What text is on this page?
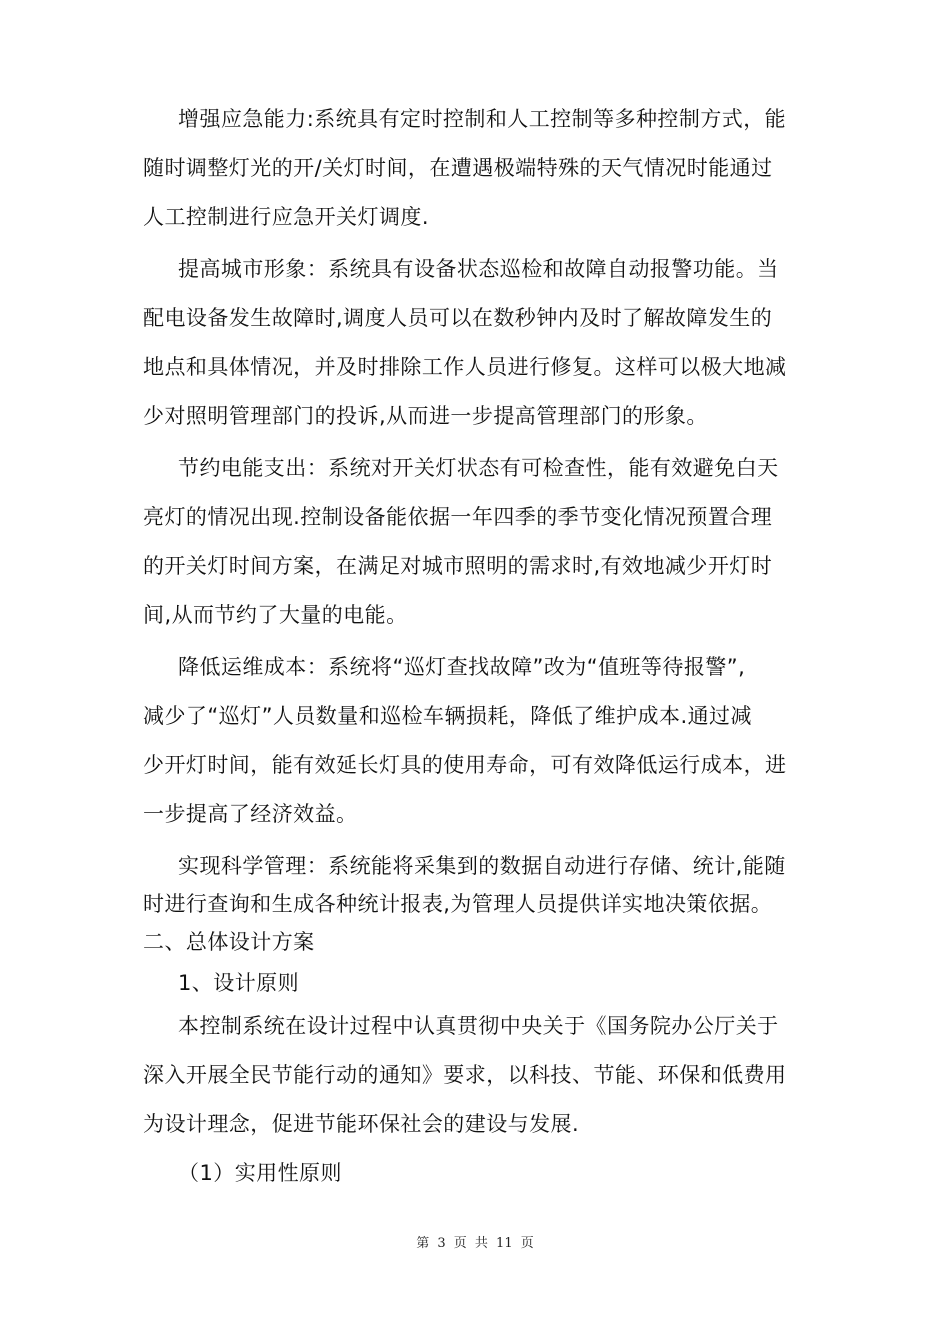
增强应急能力:系统具有定时控制和人工控制等多种控制方式，能
随时调整灯光的开/关灯时间，在遭遇极端特殊的天气情况时能通过
人工控制进行应急开关灯调度.
提高城市形象：系统具有设备状态巡检和故障自动报警功能。当
配电设备发生故障时,调度人员可以在数秒钟内及时了解故障发生的
地点和具体情况，并及时排除工作人员进行修复。这样可以极大地减
少对照明管理部门的投诉,从而进一步提高管理部门的形象。
节约电能支出：系统对开关灯状态有可检查性，能有效避免白天
亮灯的情况出现.控制设备能依据一年四季的季节变化情况预置合理
的开关灯时间方案，在满足对城市照明的需求时,有效地减少开灯时
间,从而节约了大量的电能。
降低运维成本：系统将“巡灯查找故障”改为“值班等待报警”,
减少了“巡灯”人员数量和巡检车辆损耗，降低了维护成本.通过减
少开灯时间，能有效延长灯具的使用寿命，可有效降低运行成本，进
一步提高了经济效益。
实现科学管理：系统能将采集到的数据自动进行存储、统计,能随
时进行查询和生成各种统计报表,为管理人员提供详实地决策依据。
二、总体设计方案
1、设计原则
本控制系统在设计过程中认真贯彻中央关于《国务院办公厅关于
深入开展全民节能行动的通知》要求，以科技、节能、环保和低费用
为设计理念，促进节能环保社会的建设与发展.
（1）实用性原则
第 3 页 共 11 页
